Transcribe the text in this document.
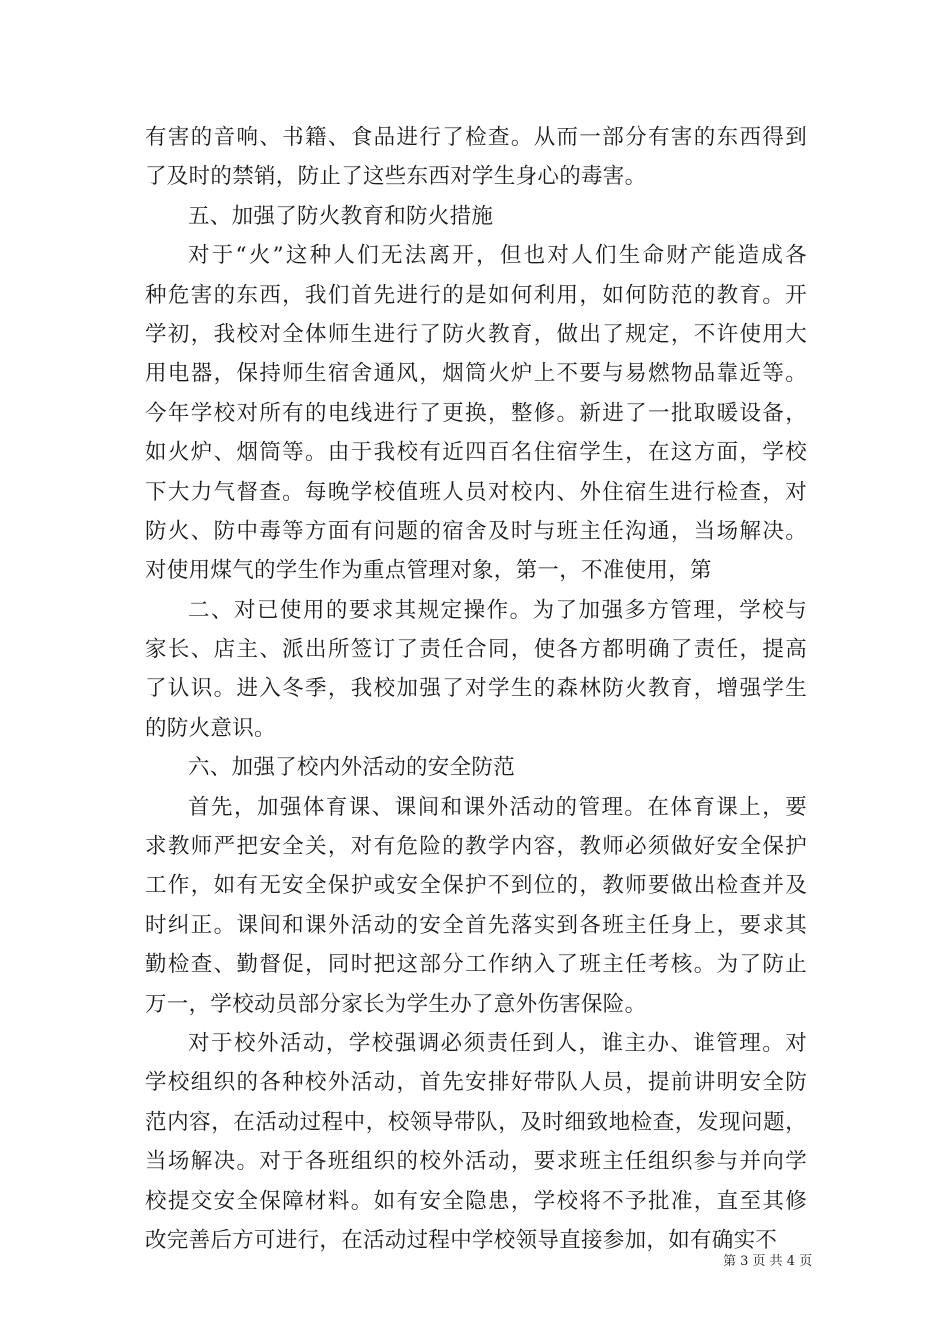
有害的音响、书籍、食品进行了检查。从而一部分有害的东西得到
了及时的禁销，防止了这些东西对学生身心的毒害。
五、加强了防火教育和防火措施
对于“火”这种人们无法离开，但也对人们生命财产能造成各
种危害的东西，我们首先进行的是如何利用，如何防范的教育。开
学初，我校对全体师生进行了防火教育，做出了规定，不许使用大
用电器，保持师生宿舍通风，烟筒火炉上不要与易燃物品靠近等。
今年学校对所有的电线进行了更换，整修。新进了一批取暖设备，
如火炉、烟筒等。由于我校有近四百名住宿学生，在这方面，学校
下大力气督查。每晚学校值班人员对校内、外住宿生进行检查，对
防火、防中毒等方面有问题的宿舍及时与班主任沟通，当场解决。
对使用煤气的学生作为重点管理对象，第一，不准使用，第
二、对已使用的要求其规定操作。为了加强多方管理，学校与
家长、店主、派出所签订了责任合同，使各方都明确了责任，提高
了认识。进入冬季，我校加强了对学生的森林防火教育，增强学生
的防火意识。
六、加强了校内外活动的安全防范
首先，加强体育课、课间和课外活动的管理。在体育课上，要
求教师严把安全关，对有危险的教学内容，教师必须做好安全保护
工作，如有无安全保护或安全保护不到位的，教师要做出检查并及
时纠正。课间和课外活动的安全首先落实到各班主任身上，要求其
勤检查、勤督促，同时把这部分工作纳入了班主任考核。为了防止
万一，学校动员部分家长为学生办了意外伤害保险。
对于校外活动，学校强调必须责任到人，谁主办、谁管理。对
学校组织的各种校外活动，首先安排好带队人员，提前讲明安全防
范内容，在活动过程中，校领导带队，及时细致地检查，发现问题，
当场解决。对于各班组织的校外活动，要求班主任组织参与并向学
校提交安全保障材料。如有安全隐患，学校将不予批准，直至其修
改完善后方可进行，在活动过程中学校领导直接参加，如有确实不
第 3 页 共 4 页
